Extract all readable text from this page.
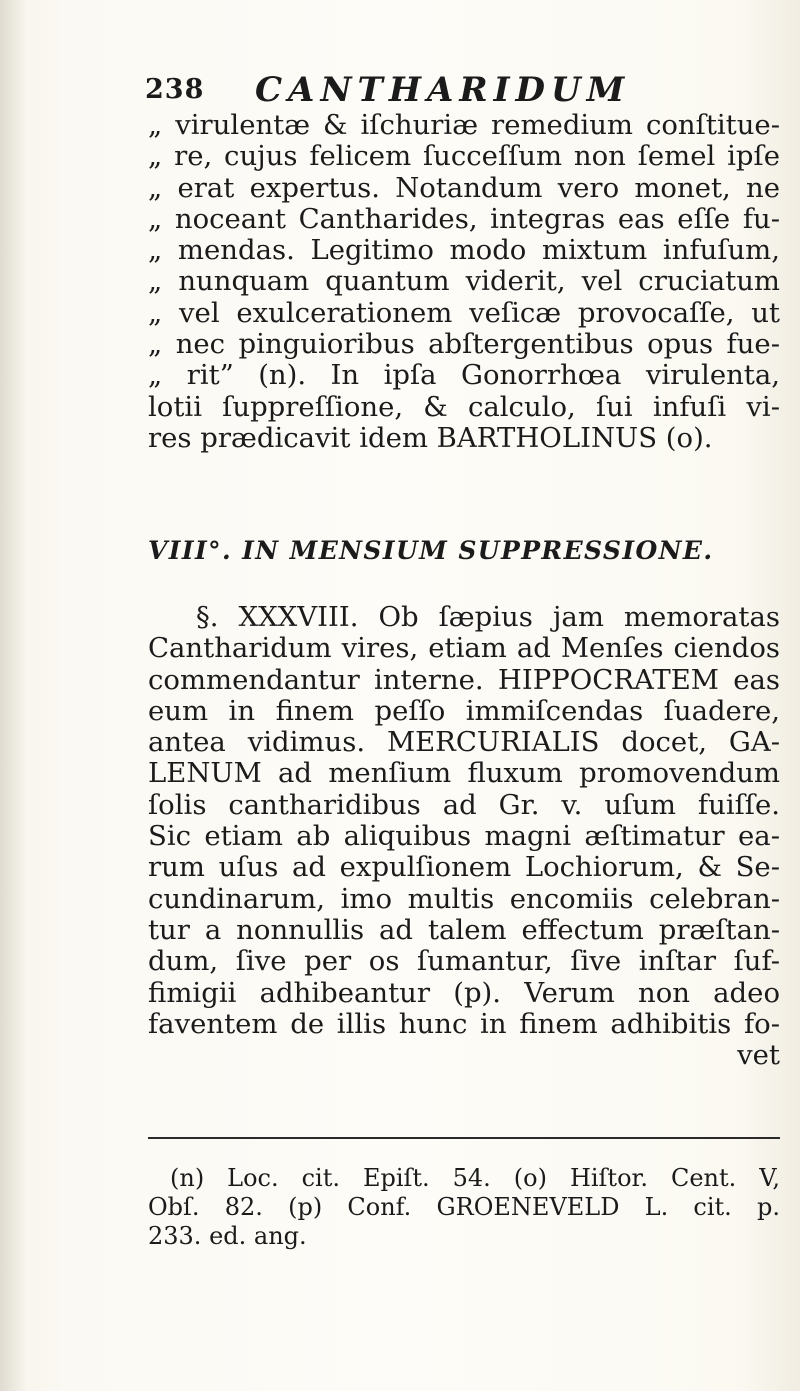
238 CANTHARIDUM
„ virulentæ & iſchuriæ remedium conſtitue-
„ re, cujus felicem ſucceſſum non ſemel ipſe
„ erat expertus. Notandum vero monet, ne
„ noceant Cantharides, integras eas eſſe fu-
„ mendas. Legitimo modo mixtum infuſum,
„ nunquam quantum viderit, vel cruciatum
„ vel exulcerationem veſicæ provocaſſe, ut
„ nec pinguioribus abſtergentibus opus fue-
„ rit” (n). In ipſa Gonorrhœa virulenta,
lotii ſuppreſſione, & calculo, ſui infuſi vi-
res prædicavit idem BARTHOLINUS (o).
VIII°. IN MENSIUM SUPPRESSIONE.
§. XXXVIII. Ob ſæpius jam memoratas
Cantharidum vires, etiam ad Menſes ciendos
commendantur interne. HIPPOCRATEM eas
eum in finem peſſo immiſcendas ſuadere,
antea vidimus. MERCURIALIS docet, GA-
LENUM ad menſium fluxum promovendum
ſolis cantharidibus ad Gr. v. uſum fuiſſe.
Sic etiam ab aliquibus magni æſtimatur ea-
rum uſus ad expulſionem Lochiorum, & Se-
cundinarum, imo multis encomiis celebran-
tur a nonnullis ad talem effectum præſtan-
dum, ſive per os ſumantur, ſive inſtar ſuf-
fimigii adhibeantur (p). Verum non adeo
faventem de illis hunc in finem adhibitis fo-
vet
(n) Loc. cit. Epiſt. 54. (o) Hiſtor. Cent. V,
Obſ. 82. (p) Conf. GROENEVELD L. cit. p.
233. ed. ang.
